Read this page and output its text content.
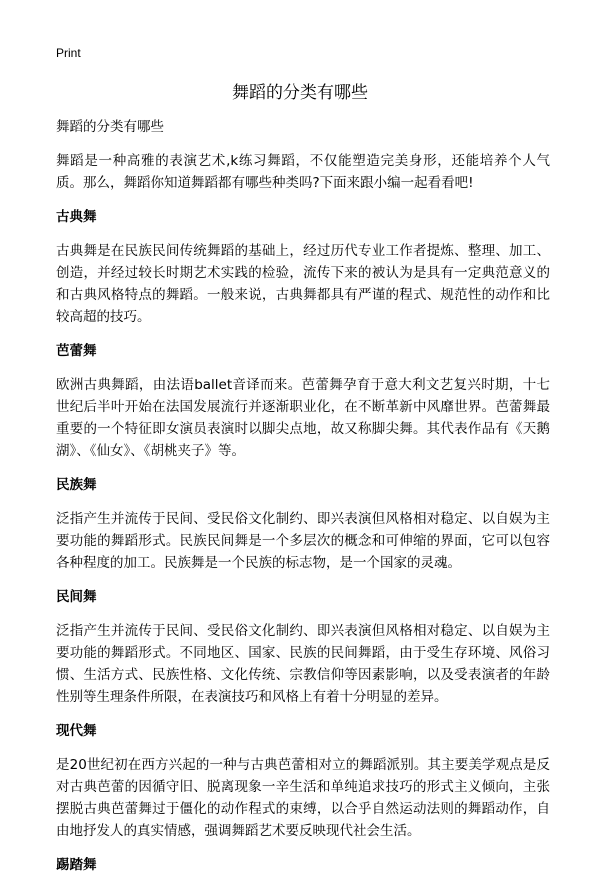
Print
舞蹈的分类有哪些

舞蹈的分类有哪些

舞蹈是一种高雅的表演艺术,k练习舞蹈，不仅能塑造完美身形，还能培养个人气质。那么，舞蹈你知道舞蹈都有哪些种类吗?下面来跟小编一起看看吧!

古典舞

古典舞是在民族民间传统舞蹈的基础上，经过历代专业工作者提炼、整理、加工、创造，并经过较长时期艺术实践的检验，流传下来的被认为是具有一定典范意义的和古典风格特点的舞蹈。一般来说，古典舞都具有严谨的程式、规范性的动作和比较高超的技巧。

芭蕾舞

欧洲古典舞蹈，由法语ballet音译而来。芭蕾舞孕育于意大利文艺复兴时期，十七世纪后半叶开始在法国发展流行并逐渐职业化，在不断革新中风靡世界。芭蕾舞最重要的一个特征即女演员表演时以脚尖点地，故又称脚尖舞。其代表作品有《天鹅湖》、《仙女》、《胡桃夹子》等。

民族舞

泛指产生并流传于民间、受民俗文化制约、即兴表演但风格相对稳定、以自娱为主要功能的舞蹈形式。民族民间舞是一个多层次的概念和可伸缩的界面，它可以包容各种程度的加工。民族舞是一个民族的标志物，是一个国家的灵魂。

民间舞

泛指产生并流传于民间、受民俗文化制约、即兴表演但风格相对稳定、以自娱为主要功能的舞蹈形式。不同地区、国家、民族的民间舞蹈，由于受生存环境、风俗习惯、生活方式、民族性格、文化传统、宗教信仰等因素影响，以及受表演者的年龄性别等生理条件所限，在表演技巧和风格上有着十分明显的差异。

现代舞

是20世纪初在西方兴起的一种与古典芭蕾相对立的舞蹈派别。其主要美学观点是反对古典芭蕾的因循守旧、脱离现象一辛生活和单纯追求技巧的形式主义倾向，主张摆脱古典芭蕾舞过于僵化的动作程式的束缚，以合乎自然运动法则的舞蹈动作，自由地抒发人的真实情感，强调舞蹈艺术要反映现代社会生活。

踢踏舞
